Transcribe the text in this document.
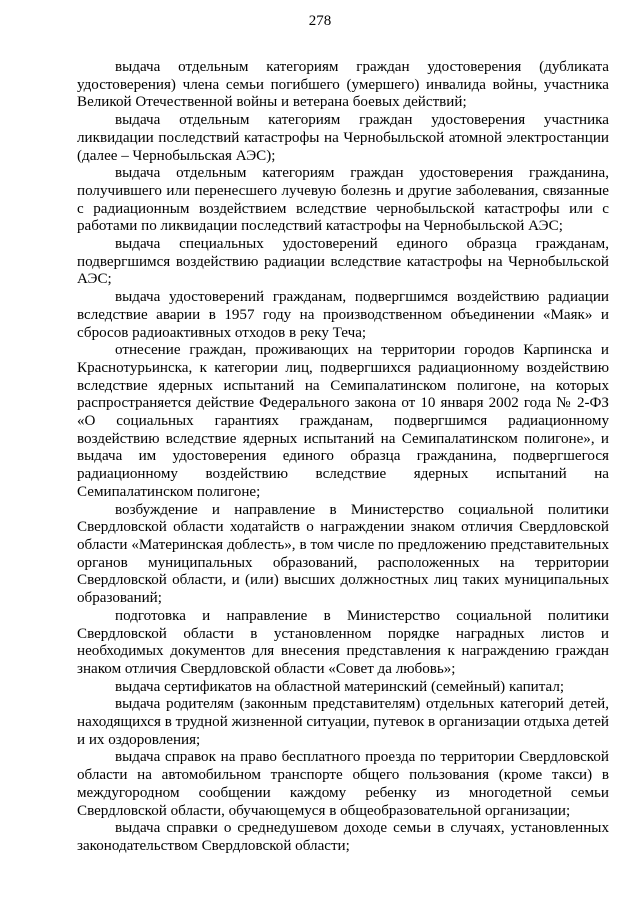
278

выдача отдельным категориям граждан удостоверения (дубликата удостоверения) члена семьи погибшего (умершего) инвалида войны, участника Великой Отечественной войны и ветерана боевых действий;

выдача отдельным категориям граждан удостоверения участника ликвидации последствий катастрофы на Чернобыльской атомной электростанции (далее – Чернобыльская АЭС);

выдача отдельным категориям граждан удостоверения гражданина, получившего или перенесшего лучевую болезнь и другие заболевания, связанные с радиационным воздействием вследствие чернобыльской катастрофы или с работами по ликвидации последствий катастрофы на Чернобыльской АЭС;

выдача специальных удостоверений единого образца гражданам, подвергшимся воздействию радиации вследствие катастрофы на Чернобыльской АЭС;

выдача удостоверений гражданам, подвергшимся воздействию радиации вследствие аварии в 1957 году на производственном объединении «Маяк» и сбросов радиоактивных отходов в реку Теча;

отнесение граждан, проживающих на территории городов Карпинска и Краснотурьинска, к категории лиц, подвергшихся радиационному воздействию вследствие ядерных испытаний на Семипалатинском полигоне, на которых распространяется действие Федерального закона от 10 января 2002 года № 2-ФЗ «О социальных гарантиях гражданам, подвергшимся радиационному воздействию вследствие ядерных испытаний на Семипалатинском полигоне», и выдача им удостоверения единого образца гражданина, подвергшегося радиационному воздействию вследствие ядерных испытаний на Семипалатинском полигоне;

возбуждение и направление в Министерство социальной политики Свердловской области ходатайств о награждении знаком отличия Свердловской области «Материнская доблесть», в том числе по предложению представительных органов муниципальных образований, расположенных на территории Свердловской области, и (или) высших должностных лиц таких муниципальных образований;

подготовка и направление в Министерство социальной политики Свердловской области в установленном порядке наградных листов и необходимых документов для внесения представления к награждению граждан знаком отличия Свердловской области «Совет да любовь»;

выдача сертификатов на областной материнский (семейный) капитал;

выдача родителям (законным представителям) отдельных категорий детей, находящихся в трудной жизненной ситуации, путевок в организации отдыха детей и их оздоровления;

выдача справок на право бесплатного проезда по территории Свердловской области на автомобильном транспорте общего пользования (кроме такси) в междугородном сообщении каждому ребенку из многодетной семьи Свердловской области, обучающемуся в общеобразовательной организации;

выдача справки о среднедушевом доходе семьи в случаях, установленных законодательством Свердловской области;
